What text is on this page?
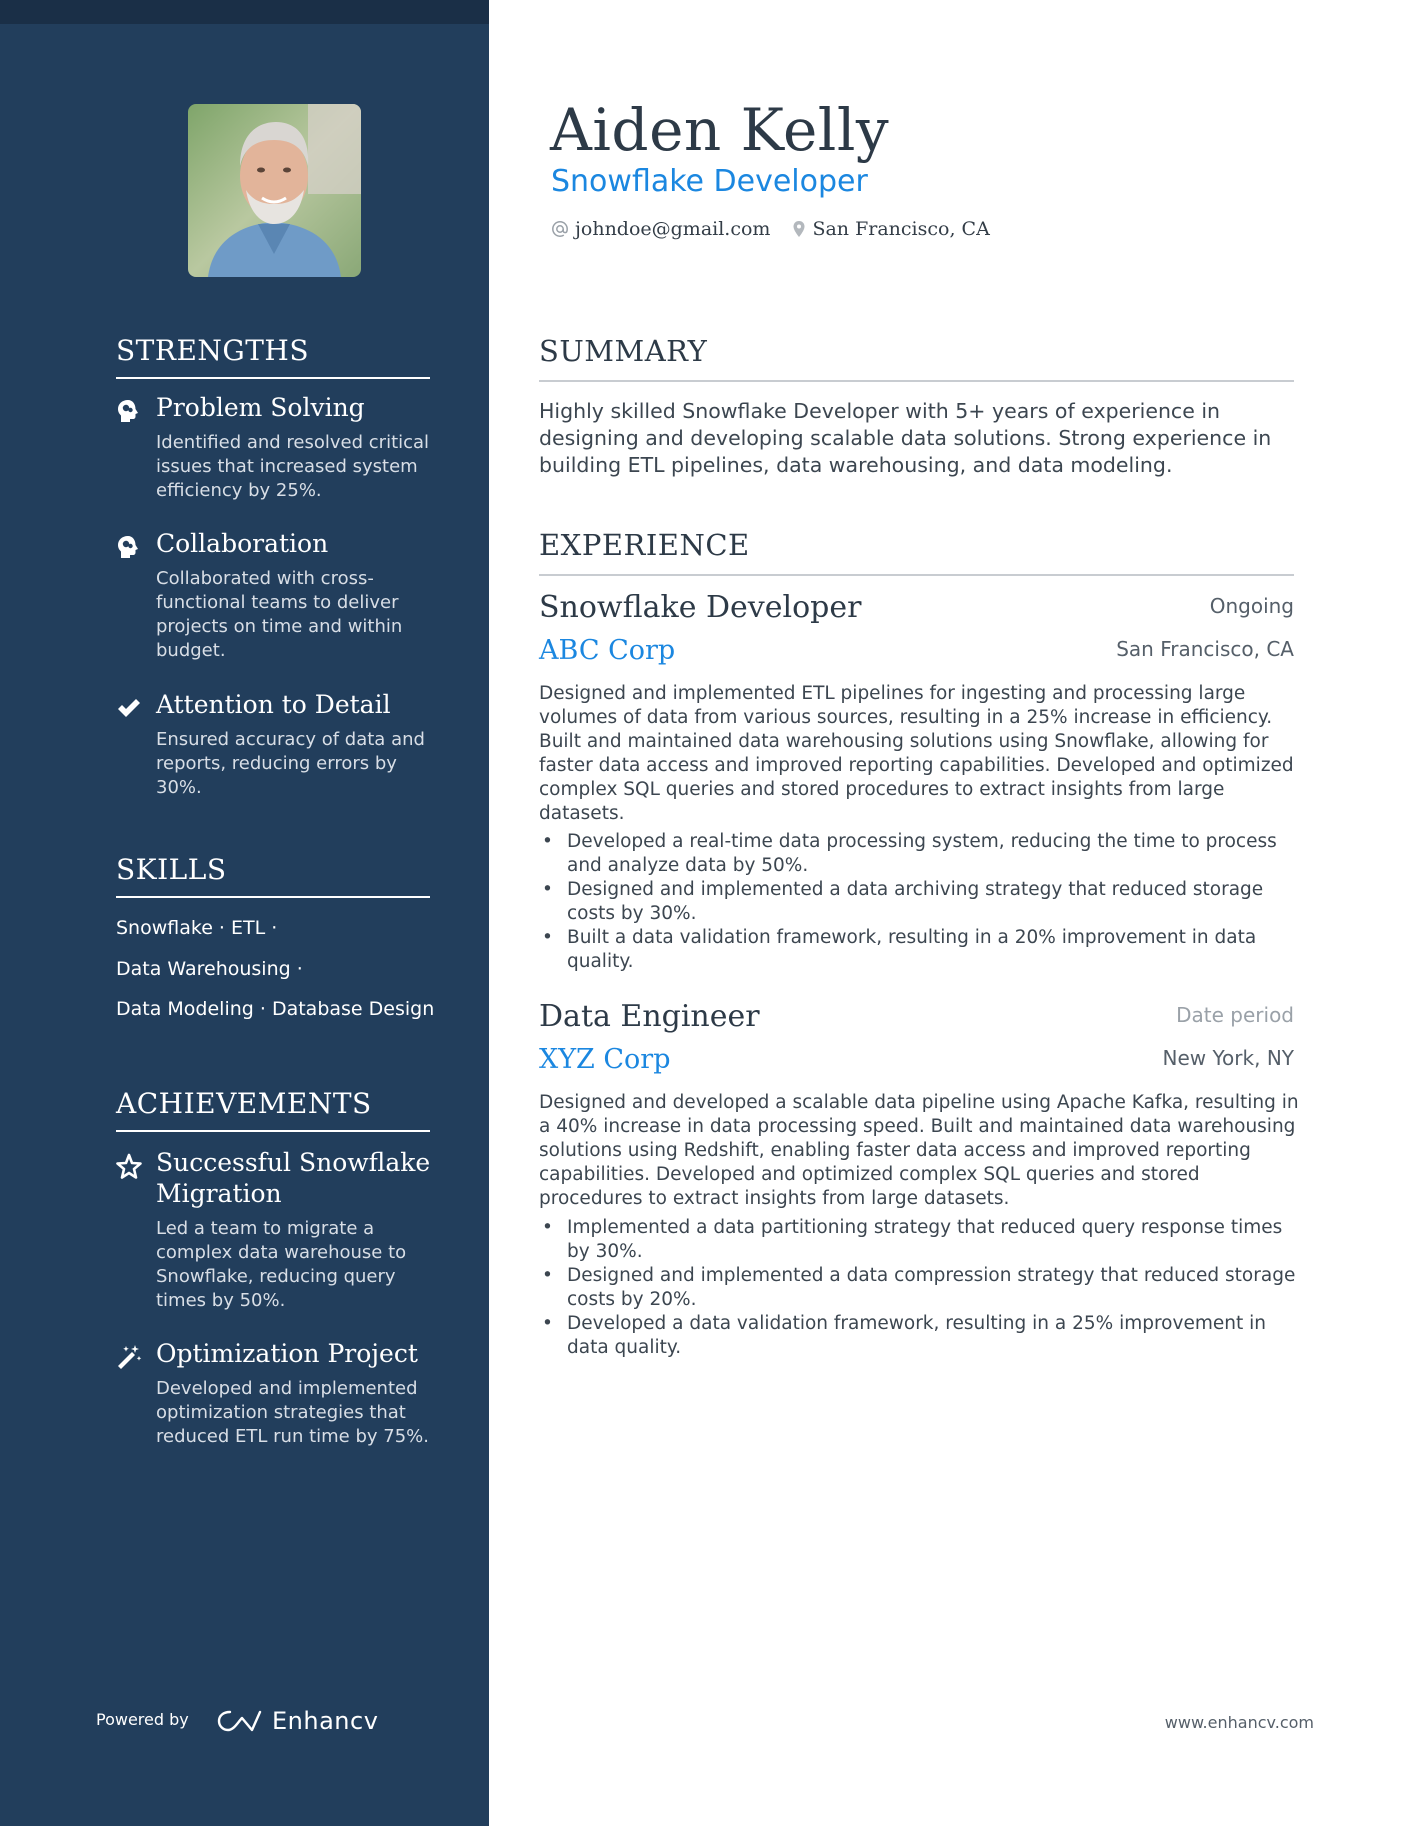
STRENGTHS
Problem Solving
Identified and resolved critical issues that increased system efficiency by 25%.
Collaboration
Collaborated with cross-functional teams to deliver projects on time and within budget.
Attention to Detail
Ensured accuracy of data and reports, reducing errors by 30%.
SKILLS
Snowflake · ETL ·
Data Warehousing ·
Data Modeling · Database Design
ACHIEVEMENTS
Successful Snowflake Migration
Led a team to migrate a complex data warehouse to Snowflake, reducing query times by 50%.
Optimization Project
Developed and implemented optimization strategies that reduced ETL run time by 75%.
Powered by	Enhancv
Aiden Kelly
Snowflake Developer
johndoe@gmail.com San Francisco, CA
SUMMARY
Highly skilled Snowflake Developer with 5+ years of experience in designing and developing scalable data solutions. Strong experience in building ETL pipelines, data warehousing, and data modeling.
EXPERIENCE
Snowflake Developer	Ongoing
ABC Corp	San Francisco, CA
Designed and implemented ETL pipelines for ingesting and processing large volumes of data from various sources, resulting in a 25% increase in efficiency. Built and maintained data warehousing solutions using Snowflake, allowing for faster data access and improved reporting capabilities. Developed and optimized complex SQL queries and stored procedures to extract insights from large datasets.
• Developed a real-time data processing system, reducing the time to process and analyze data by 50%.
• Designed and implemented a data archiving strategy that reduced storage costs by 30%.
• Built a data validation framework, resulting in a 20% improvement in data quality.
Data Engineer	Date period
XYZ Corp	New York, NY
Designed and developed a scalable data pipeline using Apache Kafka, resulting in a 40% increase in data processing speed. Built and maintained data warehousing solutions using Redshift, enabling faster data access and improved reporting capabilities. Developed and optimized complex SQL queries and stored procedures to extract insights from large datasets.
• Implemented a data partitioning strategy that reduced query response times by 30%.
• Designed and implemented a data compression strategy that reduced storage costs by 20%.
• Developed a data validation framework, resulting in a 25% improvement in data quality.
www.enhancv.com
